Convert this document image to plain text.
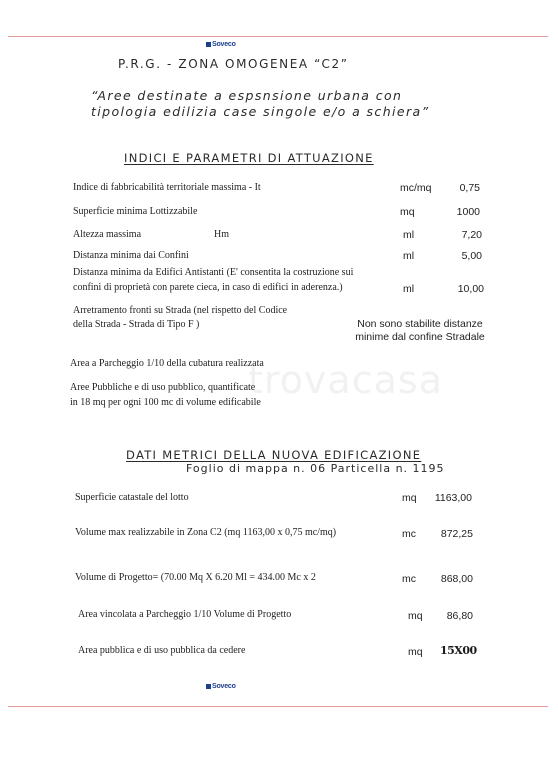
Soveco
P.R.G. - ZONA OMOGENEA “C2”
“Aree destinate a espsnsione urbana con
tipologia edilizia case singole e/o a schiera”
INDICI E PARAMETRI DI ATTUAZIONE
Indice di fabbricabilità territoriale massima - It	mc/mq	0,75
Superficie minima Lottizzabile	mq	1000
Altezza massima	Hm	ml	7,20
Distanza minima dai Confini	ml	5,00
Distanza minima da Edifici Antistanti (E' consentita la costruzione sui
confini di proprietà con parete cieca, in caso di edifici in aderenza.)	ml	10,00
Arretramento fronti su Strada (nel rispetto del Codice
della Strada - Strada di Tipo F )	Non sono stabilite distanze
minime dal confine Stradale
Area a Parcheggio 1/10 della cubatura realizzata
Aree Pubbliche e di uso pubblico, quantificate
in 18 mq per ogni 100 mc di volume edificabile
trovacasa
DATI METRICI DELLA NUOVA EDIFICAZIONE
Foglio di mappa n. 06 Particella n. 1195
Superficie catastale del lotto	mq 1163,00
Volume max realizzabile in Zona C2 (mq 1163,00 x 0,75 mc/mq)	mc 872,25
Volume di Progetto= (70.00 Mq X 6.20 Ml = 434.00 Mc x 2	mc 868,00
Area vincolata a Parcheggio 1/10 Volume di Progetto	mq 86,80
Area pubblica e di uso pubblica da cedere	mq 15X00
Soveco
